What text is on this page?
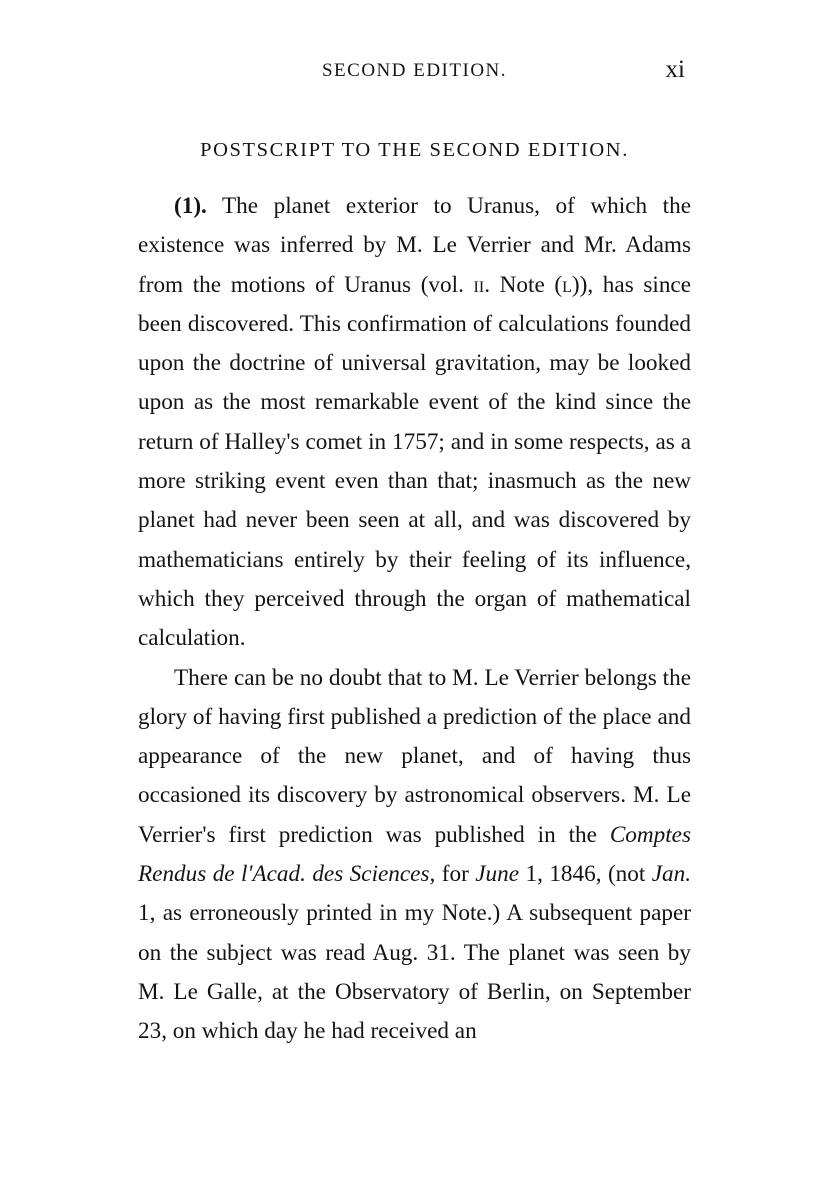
SECOND EDITION.	xi
POSTSCRIPT TO THE SECOND EDITION.

(1). The planet exterior to Uranus, of which the existence was inferred by M. Le Verrier and Mr. Adams from the motions of Uranus (vol. ii. Note (l)), has since been discovered. This confirmation of calculations founded upon the doctrine of universal gravitation, may be looked upon as the most remarkable event of the kind since the return of Halley's comet in 1757; and in some respects, as a more striking event even than that; inasmuch as the new planet had never been seen at all, and was discovered by mathematicians entirely by their feeling of its influence, which they perceived through the organ of mathematical calculation.

There can be no doubt that to M. Le Verrier belongs the glory of having first published a prediction of the place and appearance of the new planet, and of having thus occasioned its discovery by astronomical observers. M. Le Verrier's first prediction was published in the Comptes Rendus de l'Acad. des Sciences, for June 1, 1846, (not Jan. 1, as erroneously printed in my Note.) A subsequent paper on the subject was read Aug. 31. The planet was seen by M. Le Galle, at the Observatory of Berlin, on September 23, on which day he had received an
